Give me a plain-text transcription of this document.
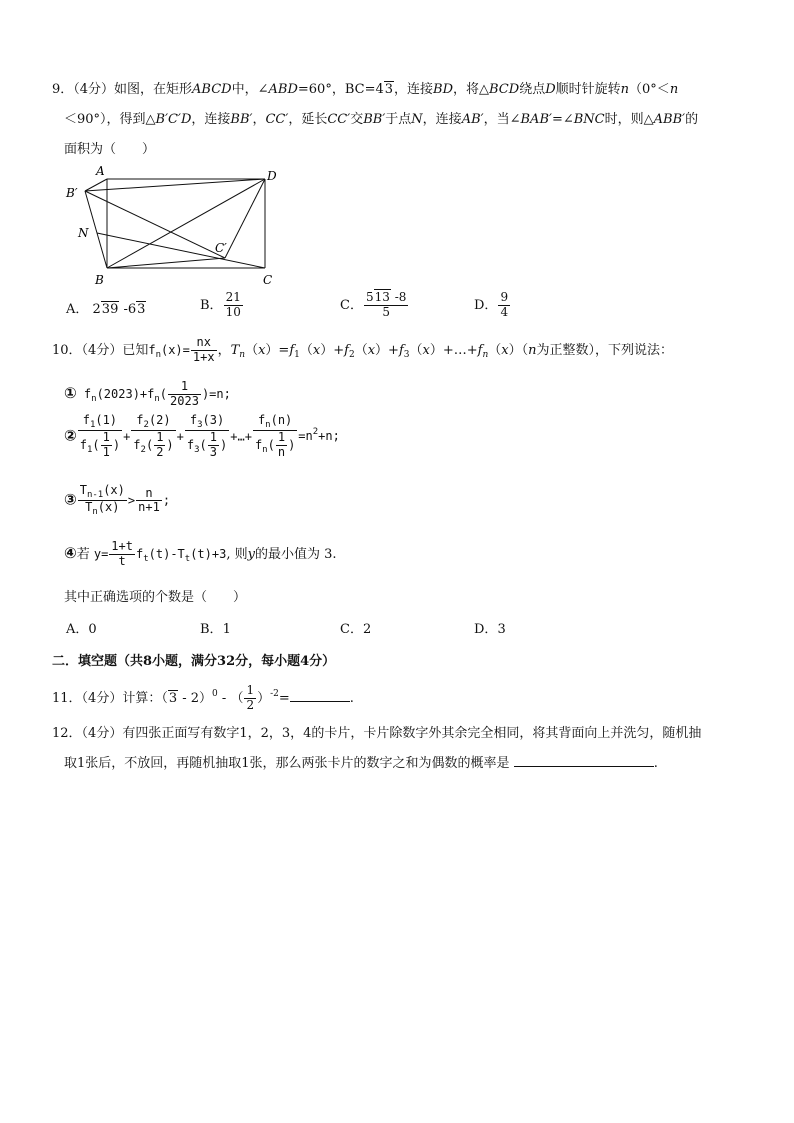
9．（4分）如图，在矩形ABCD中，∠ABD=60°，BC=43，连接BD，将△BCD绕点D顺时针旋转n（0°＜n
＜90°），得到△B′C′D，连接BB′，CC′，延长CC′交BB′于点N，连接AB′，当∠BAB′=∠BNC时，则△ABB′的
面积为（　　）
A	D
B′
N
C′
B	C
A． 239 -63	B． $\frac{21}{10}$	C． $\frac{513 -8}{5}$	D． $\frac{9}{4}$
10．（4分）已知$f_n(x)= \frac{nx}{1+x}$ ，$T_n(x)=f_1(x)+f_2(x)+f_3(x)+\dots+f_n(x)(n$为正整数），下列说法：
① $f_n(2023)+f_n( \frac{1}{2023} )=n$;
② $\frac{f_1(1)}{f_1( \frac{1}{1} )} + \frac{f_2(2)}{f_2( \frac{1}{2} )} + \frac{f_3(3)}{f_3( \frac{1}{3} )}$ +…+ $\frac{f_n(n)}{f_n( \frac{1}{n} )} =n^2+n$;
③ $\frac{T_{n-1}(x)}{T_n(x)} > \frac{n}{n+1}$ ;
④若 $y= \frac{1+t}{t} f_t(t)-T_t(t)+3$, 则y的最小值为 3.
其中正确选项的个数是（　　）
A．0	B．1	C．2	D．3
二．填空题（共8小题，满分32分，每小题4分）
11．（4分）计算：（3 - 2）$^0$ - （ $\frac{1}{2} )^{-2}=$	.
12．（4分）有四张正面写有数字1，2，3，4的卡片，卡片除数字外其余完全相同，将其背面向上并洗匀，随机抽
取1张后，不放回，再随机抽取1张，那么两张卡片的数字之和为偶数的概率是	.
